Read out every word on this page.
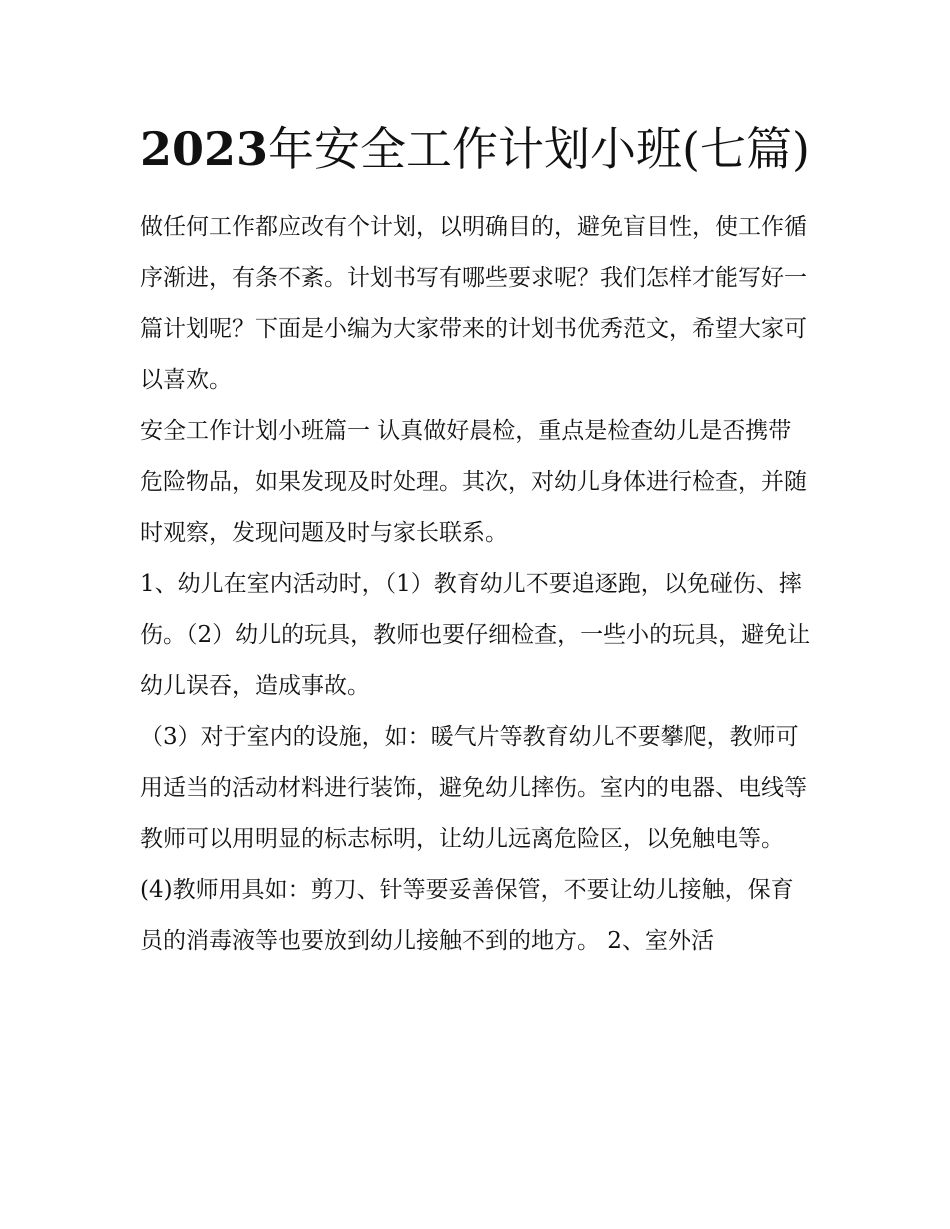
2023年安全工作计划小班(七篇)

做任何工作都应改有个计划，以明确目的，避免盲目性，使工作循序渐进，有条不紊。计划书写有哪些要求呢？我们怎样才能写好一篇计划呢？下面是小编为大家带来的计划书优秀范文，希望大家可以喜欢。

安全工作计划小班篇一 认真做好晨检，重点是检查幼儿是否携带危险物品，如果发现及时处理。其次，对幼儿身体进行检查，并随时观察，发现问题及时与家长联系。

1、幼儿在室内活动时，（1）教育幼儿不要追逐跑，以免碰伤、摔伤。（2）幼儿的玩具，教师也要仔细检查，一些小的玩具，避免让幼儿误吞，造成事故。

（3）对于室内的设施，如：暖气片等教育幼儿不要攀爬，教师可用适当的活动材料进行装饰，避免幼儿摔伤。室内的电器、电线等教师可以用明显的标志标明，让幼儿远离危险区，以免触电等。

(4)教师用具如：剪刀、针等要妥善保管，不要让幼儿接触，保育员的消毒液等也要放到幼儿接触不到的地方。 2、室外活
